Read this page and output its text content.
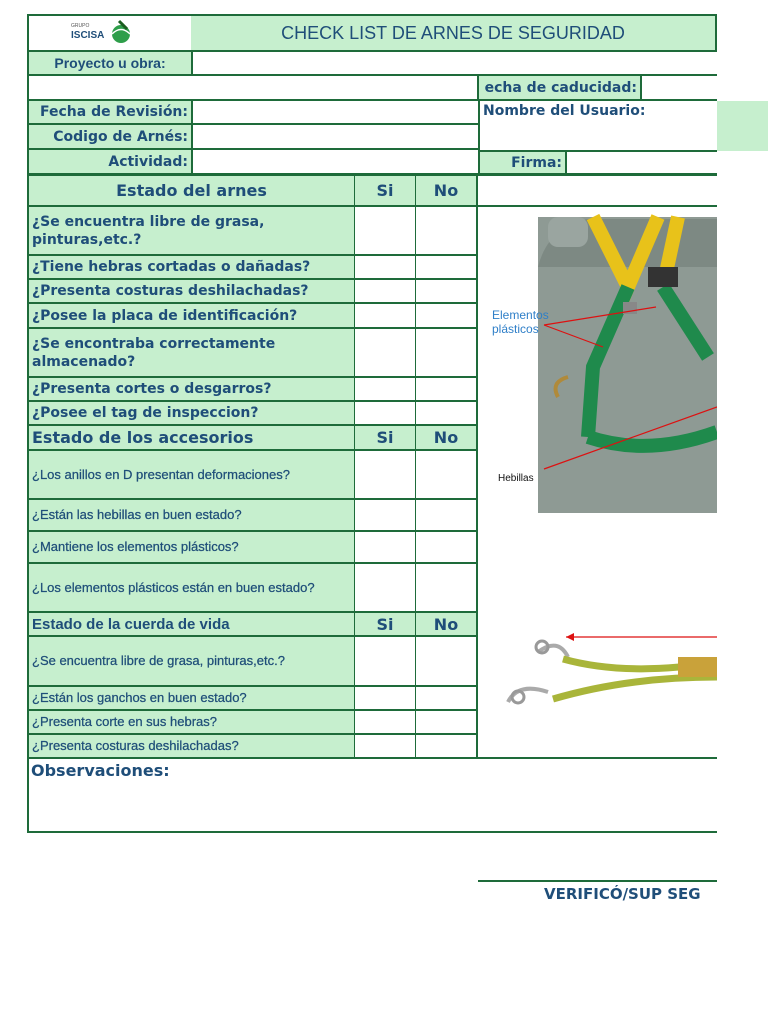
GRUPO
ISCISA	CHECK LIST DE ARNES DE SEGURIDAD
Proyecto u obra:
echa de caducidad:
Fecha de Revisión:	Nombre del Usuario:
Codigo de Arnés:
Actividad:	Firma:
Estado del arnes	Si	No
¿Se encuentra libre de grasa, pinturas,etc.?
¿Tiene hebras cortadas o dañadas?
¿Presenta costuras deshilachadas?
¿Posee la placa de identificación?
¿Se encontraba correctamente almacenado?
¿Presenta cortes o desgarros?
¿Posee el tag de inspeccion?
Estado de los accesorios	Si	No
¿Los anillos en D presentan deformaciones?
¿Están las hebillas en buen estado?
¿Mantiene los elementos plásticos?
¿Los elementos plásticos están en buen estado?
Estado de la cuerda de vida	Si	No
¿Se encuentra libre de grasa, pinturas,etc.?
¿Están los ganchos en buen estado?
¿Presenta corte en sus hebras?
¿Presenta costuras deshilachadas?
Elementos plásticos
Hebillas
Observaciones:
VERIFICÓ/SUP SEG
